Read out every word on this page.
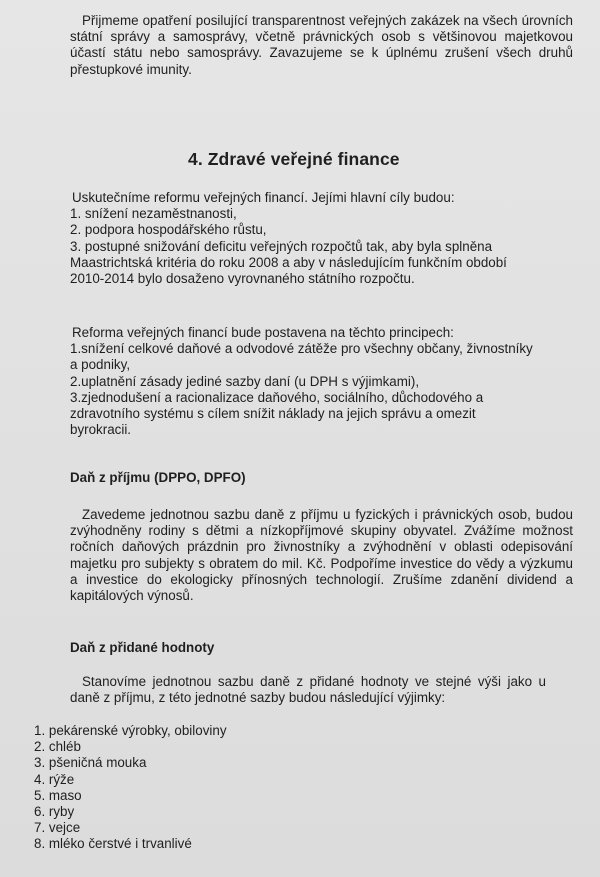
Přijmeme opatření posilující transparentnost veřejných zakázek na všech úrovních státní správy a samosprávy, včetně právnických osob s většinovou majetkovou účastí státu nebo samosprávy. Zavazujeme se k úplnému zrušení všech druhů přestupkové imunity.

4. Zdravé veřejné finance
Uskutečníme reformu veřejných financí. Jejími hlavní cíly budou:
1. snížení nezaměstnanosti,
2. podpora hospodářského růstu,
3. postupné snižování deficitu veřejných rozpočtů tak, aby byla splněna
Maastrichtská kritéria do roku 2008 a aby v následujícím funkčním období
2010-2014 bylo dosaženo vyrovnaného státního rozpočtu.
Reforma veřejných financí bude postavena na těchto principech:
1.snížení celkové daňové a odvodové zátěže pro všechny občany, živnostníky
a podniky,
2.uplatnění zásady jediné sazby daní (u DPH s výjimkami),
3.zjednodušení a racionalizace daňového, sociálního, důchodového a
zdravotního systému s cílem snížit náklady na jejich správu a omezit
byrokracii.
Daň z příjmu (DPPO, DPFO)

Zavedeme jednotnou sazbu daně z příjmu u fyzických i právnických osob, budou zvýhodněny rodiny s dětmi a nízkopříjmové skupiny obyvatel. Zvážíme možnost ročních daňových prázdnin pro živnostníky a zvýhodnění v oblasti odepisování majetku pro subjekty s obratem do mil. Kč. Podpoříme investice do vědy a výzkumu a investice do ekologicky přínosných technologií. Zrušíme zdanění dividend a kapitálových výnosů.

Daň z přidané hodnoty

Stanovíme jednotnou sazbu daně z přidané hodnoty ve stejné výši jako u daně z příjmu, z této jednotné sazby budou následující výjimky:

1. pekárenské výrobky, obiloviny
2. chléb
3. pšeničná mouka
4. rýže
5. maso
6. ryby
7. vejce
8. mléko čerstvé i trvanlivé
